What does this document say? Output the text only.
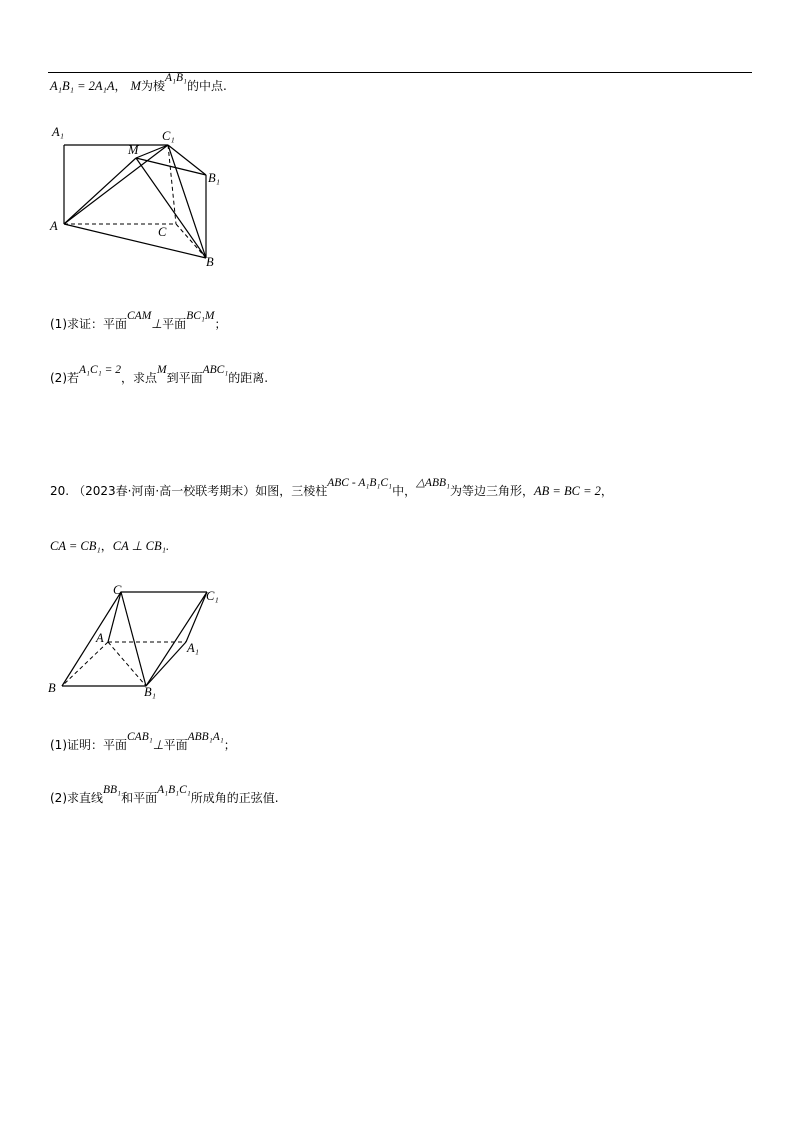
A₁B₁ = 2A₁A， M为棱A₁B₁的中点.
A₁	C₁
M
B₁
A	C
B
(1)求证：平面CAM⊥平面BC₁M；
(2)若A₁C₁ = 2，求点M到平面ABC₁的距离.
20. （2023春·河南·高一校联考期末）如图，三棱柱ABC - A₁B₁C₁中，△ABB₁为等边三角形，AB = BC = 2，
CA = CB₁，CA ⊥ CB₁.
C	C₁
A
A₁
B	B₁
(1)证明：平面CAB₁⊥平面ABB₁A₁；
(2)求直线BB₁和平面A₁B₁C₁所成角的正弦值.
